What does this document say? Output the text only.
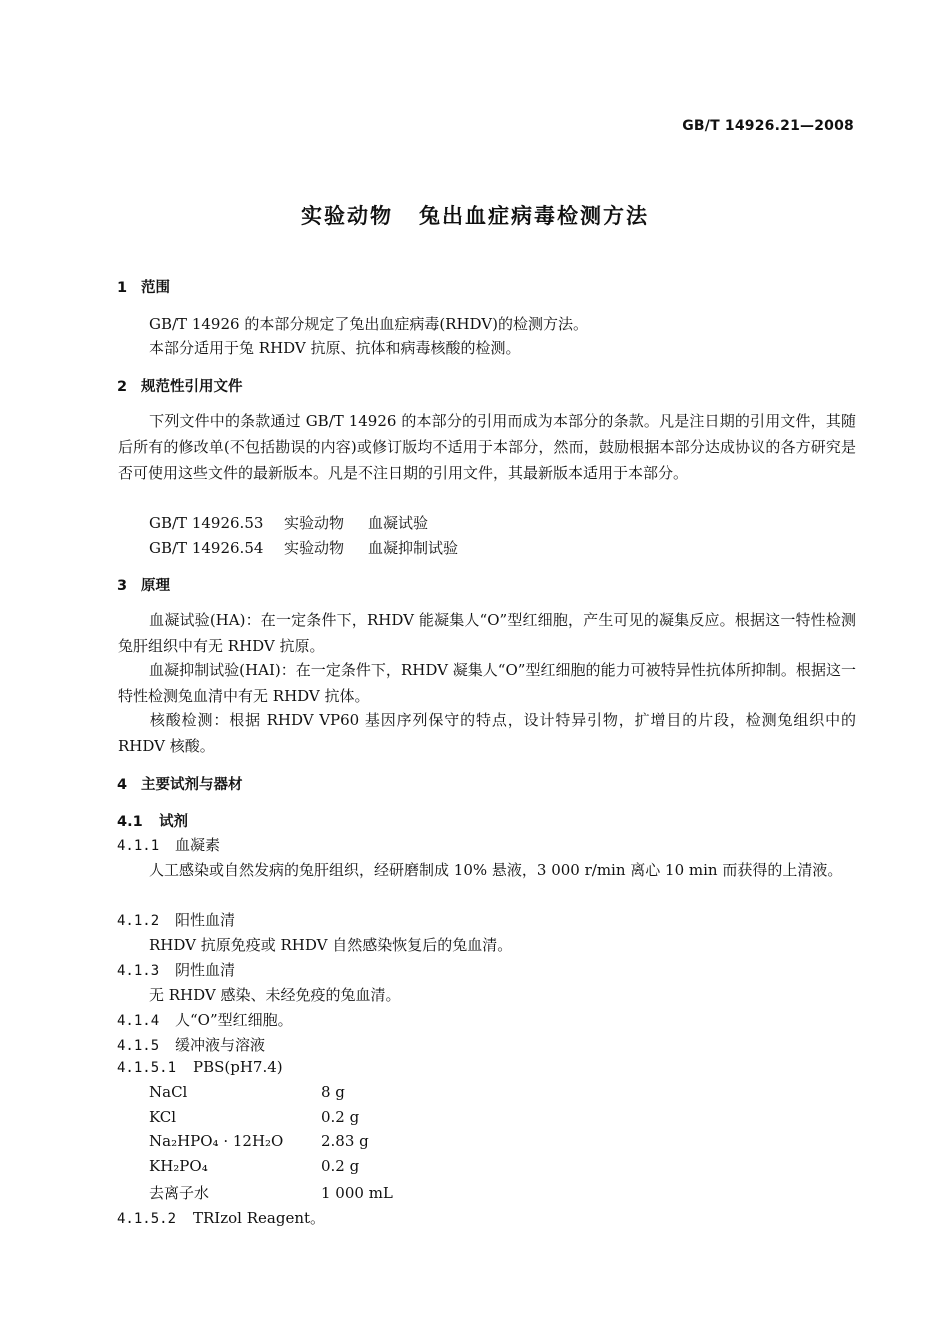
GB/T 14926.21—2008
实验动物 兔出血症病毒检测方法
1 范围
GB/T 14926 的本部分规定了兔出血症病毒(RHDV)的检测方法。
本部分适用于兔 RHDV 抗原、抗体和病毒核酸的检测。
2 规范性引用文件
下列文件中的条款通过 GB/T 14926 的本部分的引用而成为本部分的条款。凡是注日期的引用文件，其随后所有的修改单(不包括勘误的内容)或修订版均不适用于本部分，然而，鼓励根据本部分达成协议的各方研究是否可使用这些文件的最新版本。凡是不注日期的引用文件，其最新版本适用于本部分。
GB/T 14926.53 实验动物 血凝试验
GB/T 14926.54 实验动物 血凝抑制试验
3 原理
血凝试验(HA)：在一定条件下，RHDV 能凝集人“O”型红细胞，产生可见的凝集反应。根据这一特性检测兔肝组织中有无 RHDV 抗原。
血凝抑制试验(HAI)：在一定条件下，RHDV 凝集人“O”型红细胞的能力可被特异性抗体所抑制。根据这一特性检测兔血清中有无 RHDV 抗体。
核酸检测：根据 RHDV VP60 基因序列保守的特点，设计特异引物，扩增目的片段，检测兔组织中的 RHDV 核酸。
4 主要试剂与器材
4.1 试剂
4.1.1 血凝素
人工感染或自然发病的兔肝组织，经研磨制成 10% 悬液，3 000 r/min 离心 10 min 而获得的上清液。
4.1.2 阳性血清
RHDV 抗原免疫或 RHDV 自然感染恢复后的兔血清。
4.1.3 阴性血清
无 RHDV 感染、未经免疫的兔血清。
4.1.4 人“O”型红细胞。
4.1.5 缓冲液与溶液
4.1.5.1 PBS(pH7.4)
NaCl	8 g
KCl	0.2 g
Na₂HPO₄ · 12H₂O	2.83 g
KH₂PO₄	0.2 g
去离子水	1 000 mL
4.1.5.2 TRIzol Reagent。
